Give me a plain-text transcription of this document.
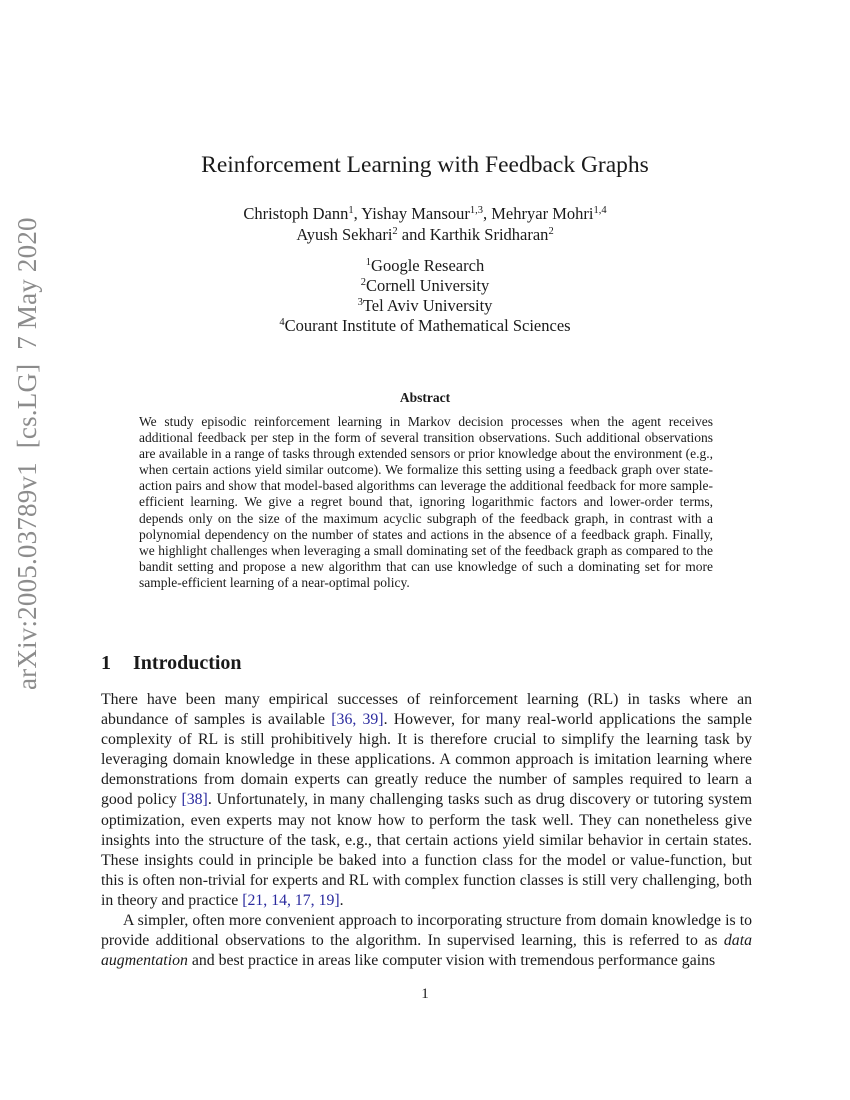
arXiv:2005.03789v1  [cs.LG]  7 May 2020
Reinforcement Learning with Feedback Graphs
Christoph Dann$^1$, Yishay Mansour$^{1,3}$, Mehryar Mohri$^{1,4}$
Ayush Sekhari$^2$ and Karthik Sridharan$^2$
$^1$Google Research
$^2$Cornell University
$^3$Tel Aviv University
$^4$Courant Institute of Mathematical Sciences
Abstract
We study episodic reinforcement learning in Markov decision processes when the agent receives additional feedback per step in the form of several transition observations. Such additional observations are available in a range of tasks through extended sensors or prior knowledge about the environment (e.g., when certain actions yield similar outcome). We formalize this setting using a feedback graph over state-action pairs and show that model-based algorithms can leverage the additional feedback for more sample-efficient learning. We give a regret bound that, ignoring logarithmic factors and lower-order terms, depends only on the size of the maximum acyclic subgraph of the feedback graph, in contrast with a polynomial dependency on the number of states and actions in the absence of a feedback graph. Finally, we highlight challenges when leveraging a small dominating set of the feedback graph as compared to the bandit setting and propose a new algorithm that can use knowledge of such a dominating set for more sample-efficient learning of a near-optimal policy.
1 Introduction

There have been many empirical successes of reinforcement learning (RL) in tasks where an abundance of samples is available [36, 39]. However, for many real-world applications the sample complexity of RL is still prohibitively high. It is therefore crucial to simplify the learning task by leveraging domain knowledge in these applications. A common approach is imitation learning where demonstrations from domain experts can greatly reduce the number of samples required to learn a good policy [38]. Unfortunately, in many challenging tasks such as drug discovery or tutoring system optimization, even experts may not know how to perform the task well. They can nonetheless give insights into the structure of the task, e.g., that certain actions yield similar behavior in certain states. These insights could in principle be baked into a function class for the model or value-function, but this is often non-trivial for experts and RL with complex function classes is still very challenging, both in theory and practice [21, 14, 17, 19].

A simpler, often more convenient approach to incorporating structure from domain knowledge is to provide additional observations to the algorithm. In supervised learning, this is referred to as data augmentation and best practice in areas like computer vision with tremendous performance gains

1
